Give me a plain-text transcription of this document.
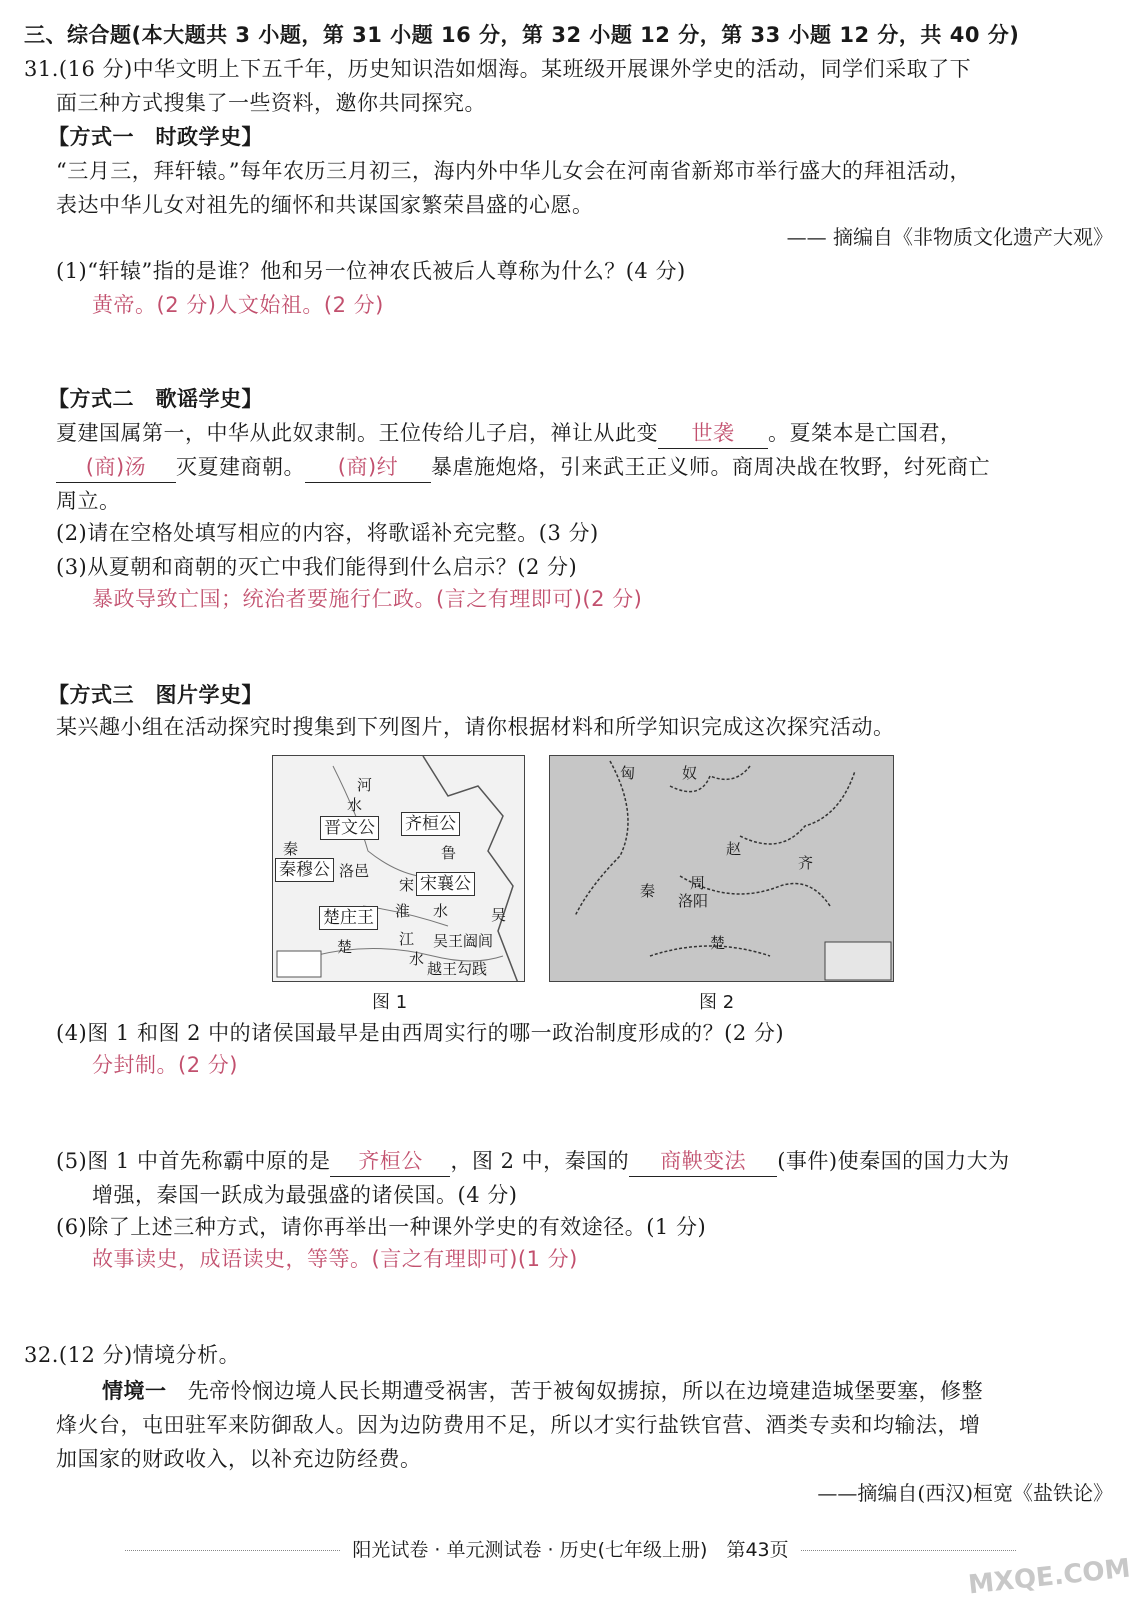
三、综合题(本大题共 3 小题，第 31 小题 16 分，第 32 小题 12 分，第 33 小题 12 分，共 40 分)
31.(16 分)中华文明上下五千年，历史知识浩如烟海。某班级开展课外学史的活动，同学们采取了下
面三种方式搜集了一些资料，邀你共同探究。
【方式一　时政学史】
“三月三，拜轩辕。”每年农历三月初三，海内外中华儿女会在河南省新郑市举行盛大的拜祖活动，
表达中华儿女对祖先的缅怀和共谋国家繁荣昌盛的心愿。
—— 摘编自《非物质文化遗产大观》
(1)“轩辕”指的是谁？他和另一位神农氏被后人尊称为什么？(4 分)
黄帝。(2 分)人文始祖。(2 分)
【方式二　歌谣学史】
夏建国属第一，中华从此奴隶制。王位传给儿子启，禅让从此变 世袭 。夏桀本是亡国君，
(商)汤 灭夏建商朝。 (商)纣 暴虐施炮烙，引来武王正义师。商周决战在牧野，纣死商亡
周立。
(2)请在空格处填写相应的内容，将歌谣补充完整。(3 分)
(3)从夏朝和商朝的灭亡中我们能得到什么启示？(2 分)
暴政导致亡国；统治者要施行仁政。(言之有理即可)(2 分)
【方式三　图片学史】
某兴趣小组在活动探究时搜集到下列图片，请你根据材料和所学知识完成这次探究活动。
河
水
晋文公 齐桓公
秦
秦穆公 洛邑
鲁
宋 宋襄公
淮 水	吴
楚庄王
楚	江
水
吴王阖闾
越王勾践
图 1
匈	奴
赵
齐
秦 周
洛阳
楚
图 2
(4)图 1 和图 2 中的诸侯国最早是由西周实行的哪一政治制度形成的？(2 分)
分封制。(2 分)
(5)图 1 中首先称霸中原的是 齐桓公 ，图 2 中，秦国的 商鞅变法 (事件)使秦国的国力大为
增强，秦国一跃成为最强盛的诸侯国。(4 分)
(6)除了上述三种方式，请你再举出一种课外学史的有效途径。(1 分)
故事读史，成语读史，等等。(言之有理即可)(1 分)
32.(12 分)情境分析。
情境一 先帝怜悯边境人民长期遭受祸害，苦于被匈奴掳掠，所以在边境建造城堡要塞，修整
烽火台，屯田驻军来防御敌人。因为边防费用不足，所以才实行盐铁官营、酒类专卖和均输法，增
加国家的财政收入，以补充边防经费。
——摘编自(西汉)桓宽《盐铁论》
阳光试卷 · 单元测试卷 · 历史(七年级上册)　第43页
MXQE.COM
